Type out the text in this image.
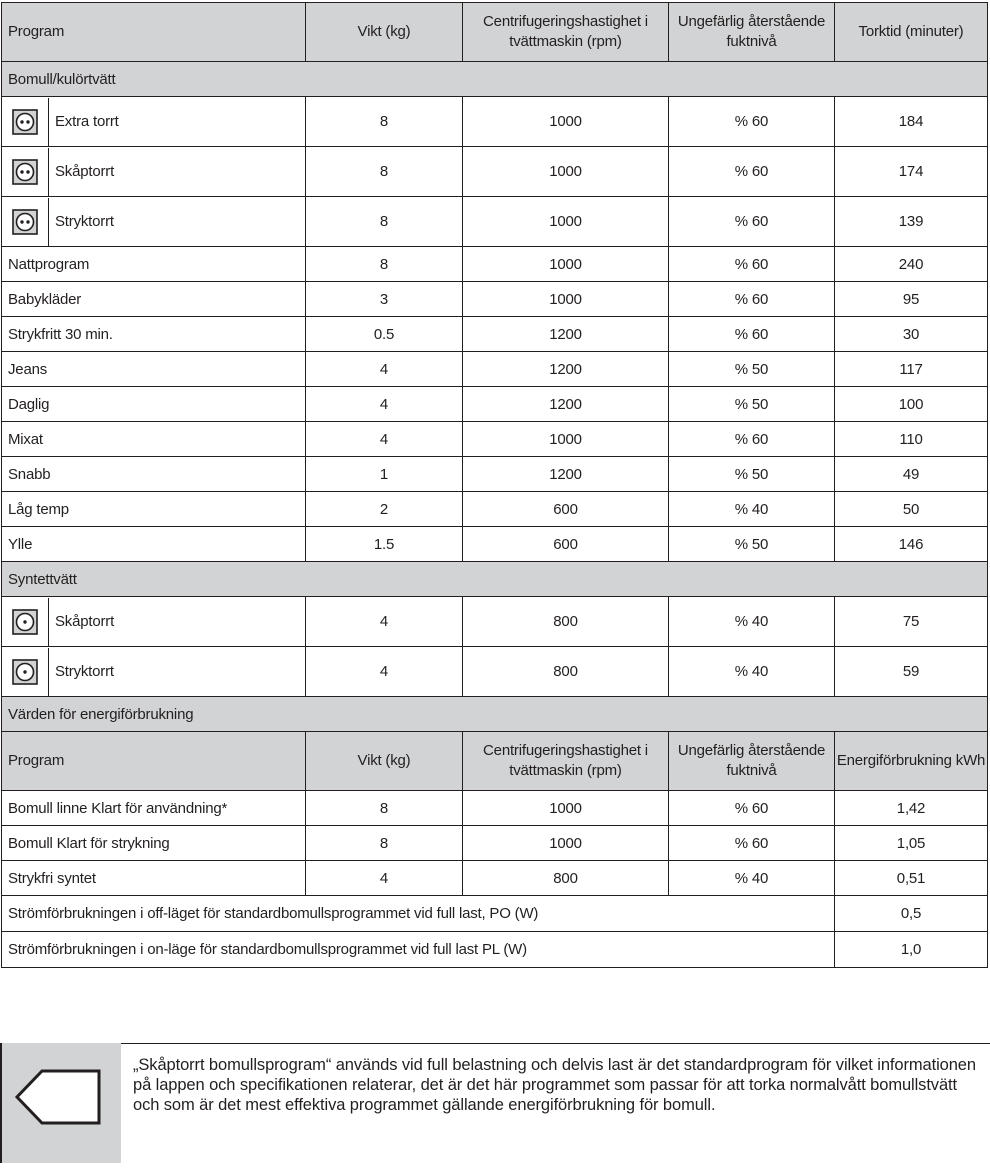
Program	Vikt (kg)	Centrifugeringshastighet i tvättmaskin (rpm)	Ungefärlig återstående fuktnivå	Torktid (minuter)
Bomull/kulörtvätt				

Extra torrt	8	1000	% 60	184

Skåptorrt	8	1000	% 60	174

Stryktorrt	8	1000	% 60	139
Nattprogram	8	1000	% 60	240
Babykläder	3	1000	% 60	95
Strykfritt 30 min.	0.5	1200	% 60	30
Jeans	4	1200	% 50	117
Daglig	4	1200	% 50	100
Mixat	4	1000	% 60	110
Snabb	1	1200	% 50	49
Låg temp	2	600	% 40	50
Ylle	1.5	600	% 50	146
Syntettvätt				

Skåptorrt	4	800	% 40	75

Stryktorrt	4	800	% 40	59
Värden för energiförbrukning				
Program	Vikt (kg)	Centrifugeringshastighet i tvättmaskin (rpm)	Ungefärlig återstående fuktnivå	Energiförbrukning kWh
Bomull linne Klart för användning*	8	1000	% 60	1,42
Bomull Klart för strykning	8	1000	% 60	1,05
Strykfri syntet	4	800	% 40	0,51
Strömförbrukningen i off-läget för standardbomullsprogrammet vid full last, PO (W)				0,5
Strömförbrukningen i on-läge för standardbomullsprogrammet vid full last PL (W)				1,0
„Skåptorrt bomullsprogram“ används vid full belastning och delvis last är det standardprogram för vilket informationen på lappen och specifikationen relaterar, det är det här programmet som passar för att torka normalvått bomullstvätt och som är det mest effektiva programmet gällande energiförbrukning för bomull.
